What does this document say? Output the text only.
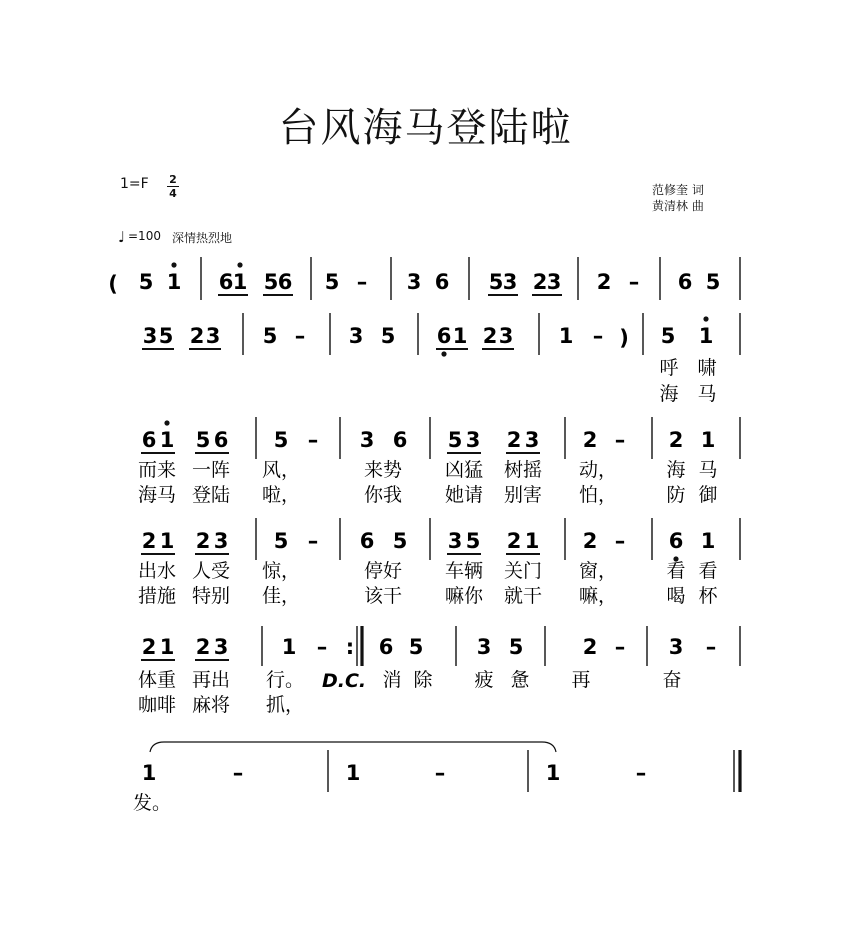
台风海马登陆啦
1=F 2
4
♩ =100 深情热烈地
范修奎 词
黄清林 曲
( 5 1 6 1 5 6 5 – 3 6 5 3 2 3 2 – 6 5
3 5 2 3 5 – 3 5 6 1 2 3 1 – ) 5 1
呼 啸
海 马
6 1 5 6 5 – 3 6 5 3 2 3 2 – 2 1
而来 一阵 风，	来势 凶猛 树摇 动，	海 马
海马 登陆 啦，	你我 她请 别害 怕，	防 御
2 1 2 3 5 – 6 5 3 5 2 1 2 – 6 1
出水 人受 惊，	停好 车辆 关门 窗，	看 看
措施 特别 佳，	该干 嘛你 就干 嘛，	喝 杯
2 1 2 3	1 – : 6 5	3 5	2 – 3 –
体重 再出 行。	消 除 疲 惫 再	奋
D.C.
咖啡 麻将 抓，
1	–	1	–	1	–
发。
